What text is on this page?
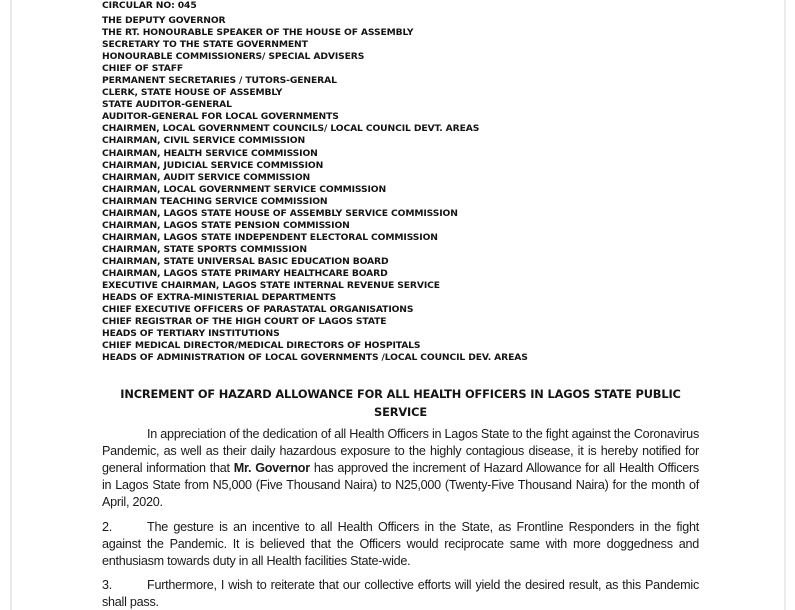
CIRCULAR NO: 045
THE DEPUTY GOVERNOR
THE RT. HONOURABLE SPEAKER OF THE HOUSE OF ASSEMBLY
SECRETARY TO THE STATE GOVERNMENT
HONOURABLE COMMISSIONERS/ SPECIAL ADVISERS
CHIEF OF STAFF
PERMANENT SECRETARIES / TUTORS-GENERAL
CLERK, STATE HOUSE OF ASSEMBLY
STATE AUDITOR-GENERAL
AUDITOR-GENERAL FOR LOCAL GOVERNMENTS
CHAIRMEN, LOCAL GOVERNMENT COUNCILS/ LOCAL COUNCIL DEVT. AREAS
CHAIRMAN, CIVIL SERVICE COMMISSION
CHAIRMAN, HEALTH SERVICE COMMISSION
CHAIRMAN, JUDICIAL SERVICE COMMISSION
CHAIRMAN, AUDIT SERVICE COMMISSION
CHAIRMAN, LOCAL GOVERNMENT SERVICE COMMISSION
CHAIRMAN TEACHING SERVICE COMMISSION
CHAIRMAN, LAGOS STATE HOUSE OF ASSEMBLY SERVICE COMMISSION
CHAIRMAN, LAGOS STATE PENSION COMMISSION
CHAIRMAN, LAGOS STATE INDEPENDENT ELECTORAL COMMISSION
CHAIRMAN, STATE SPORTS COMMISSION
CHAIRMAN, STATE UNIVERSAL BASIC EDUCATION BOARD
CHAIRMAN, LAGOS STATE PRIMARY HEALTHCARE BOARD
EXECUTIVE CHAIRMAN, LAGOS STATE INTERNAL REVENUE SERVICE
HEADS OF EXTRA-MINISTERIAL DEPARTMENTS
CHIEF EXECUTIVE OFFICERS OF PARASTATAL ORGANISATIONS
CHIEF REGISTRAR OF THE HIGH COURT OF LAGOS STATE
HEADS OF TERTIARY INSTITUTIONS
CHIEF MEDICAL DIRECTOR/MEDICAL DIRECTORS OF HOSPITALS
HEADS OF ADMINISTRATION OF LOCAL GOVERNMENTS /LOCAL COUNCIL DEV. AREAS
INCREMENT OF HAZARD ALLOWANCE FOR ALL HEALTH OFFICERS IN LAGOS STATE PUBLIC SERVICE
In appreciation of the dedication of all Health Officers in Lagos State to the fight against the Coronavirus Pandemic, as well as their daily hazardous exposure to the highly contagious disease, it is hereby notified for general information that Mr. Governor has approved the increment of Hazard Allowance for all Health Officers in Lagos State from N5,000 (Five Thousand Naira) to N25,000 (Twenty-Five Thousand Naira) for the month of April, 2020.
2.	The gesture is an incentive to all Health Officers in the State, as Frontline Responders in the fight against the Pandemic. It is believed that the Officers would reciprocate same with more doggedness and enthusiasm towards duty in all Health facilities State-wide.
3.	Furthermore, I wish to reiterate that our collective efforts will yield the desired result, as this Pandemic shall pass.
